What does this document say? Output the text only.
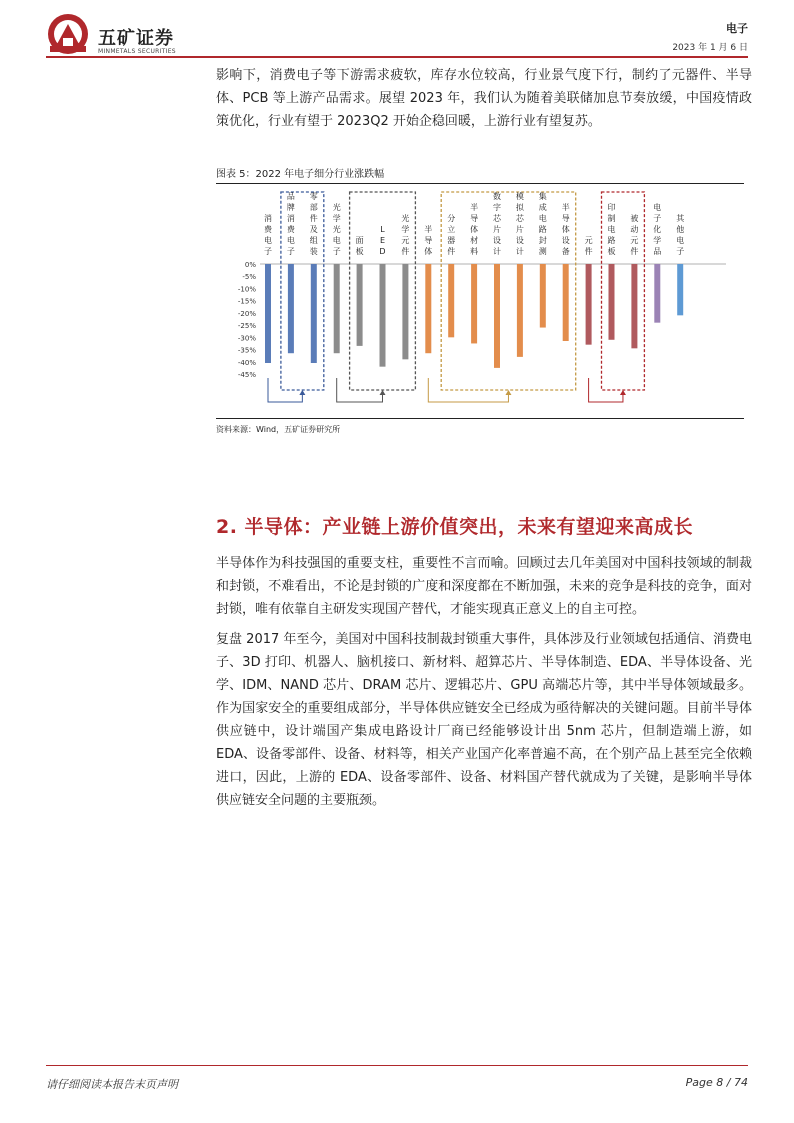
五矿证券
MINMETALS SECURITIES
电子
2023 年 1 月 6 日

影响下，消费电子等下游需求疲软，库存水位较高，行业景气度下行，制约了元器件、半导体、PCB 等上游产品需求。展望 2023 年，我们认为随着美联储加息节奏放缓，中国疫情政策优化，行业有望于 2023Q2 开始企稳回暖，上游行业有望复苏。

图表 5：2022 年电子细分行业涨跌幅
0%
-5%
-10%
-15%
-20%
-25%
-30%
-35%
-40%
-45%
消费电子
品牌消费电子
零部件及组装
光学光电子
面板
L E D
光学元件
半导体
分立器件
半导体材料
数字芯片设计
模拟芯片设计
集成电路封测
半导体设备
元件
印制电路板
被动元件
电子化学品
其他电子
资料来源：Wind，五矿证券研究所
2. 半导体：产业链上游价值突出，未来有望迎来高成长

半导体作为科技强国的重要支柱，重要性不言而喻。回顾过去几年美国对中国科技领域的制裁和封锁，不难看出，不论是封锁的广度和深度都在不断加强，未来的竞争是科技的竞争，面对封锁，唯有依靠自主研发实现国产替代，才能实现真正意义上的自主可控。

复盘 2017 年至今，美国对中国科技制裁封锁重大事件，具体涉及行业领域包括通信、消费电子、3D 打印、机器人、脑机接口、新材料、超算芯片、半导体制造、EDA、半导体设备、光学、IDM、NAND 芯片、DRAM 芯片、逻辑芯片、GPU 高端芯片等，其中半导体领域最多。作为国家安全的重要组成部分，半导体供应链安全已经成为亟待解决的关键问题。目前半导体供应链中，设计端国产集成电路设计厂商已经能够设计出 5nm 芯片，但制造端上游，如 EDA、设备零部件、设备、材料等，相关产业国产化率普遍不高，在个别产品上甚至完全依赖进口，因此，上游的 EDA、设备零部件、设备、材料国产替代就成为了关键，是影响半导体供应链安全问题的主要瓶颈。

请仔细阅读本报告末页声明	Page 8 / 74
